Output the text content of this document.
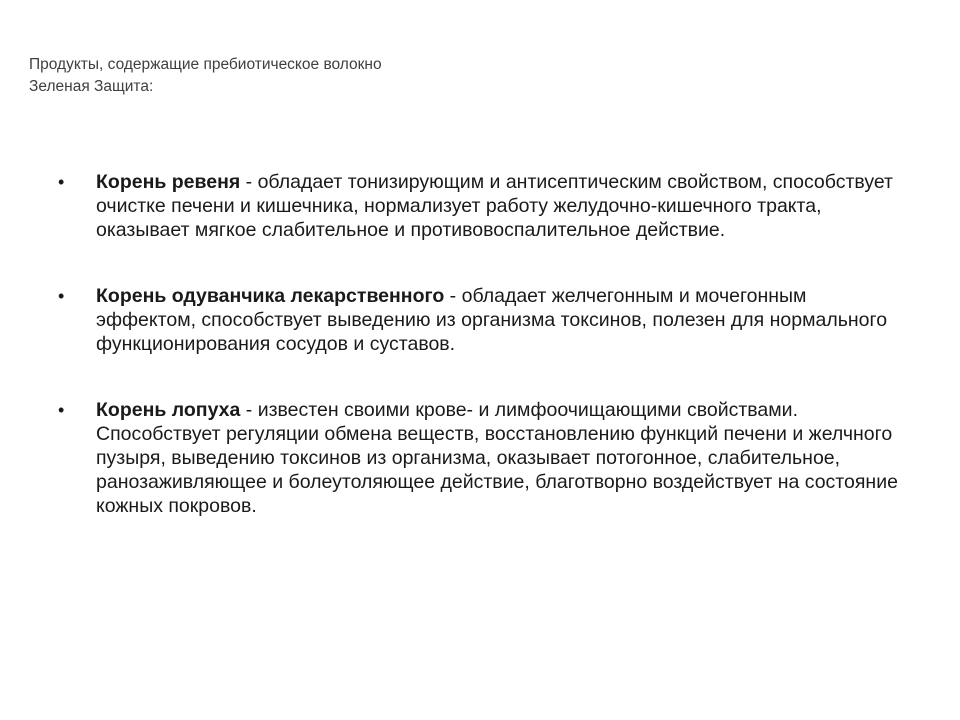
Продукты, содержащие пребиотическое волокно
Зеленая Защита:
•	Корень ревеня - обладает тонизирующим и антисептическим свойством, способствует очистке печени и кишечника, нормализует работу желудочно-кишечного тракта, оказывает мягкое слабительное и противовоспалительное действие.
•	Корень одуванчика лекарственного - обладает желчегонным и мочегонным эффектом, способствует выведению из организма токсинов, полезен для нормального функционирования сосудов и суставов.
•	Корень лопуха - известен своими крове- и лимфоочищающими свойствами. Способствует регуляции обмена веществ, восстановлению функций печени и желчного пузыря, выведению токсинов из организма, оказывает потогонное, слабительное, ранозаживляющее и болеутоляющее действие, благотворно воздействует на состояние кожных покровов.
